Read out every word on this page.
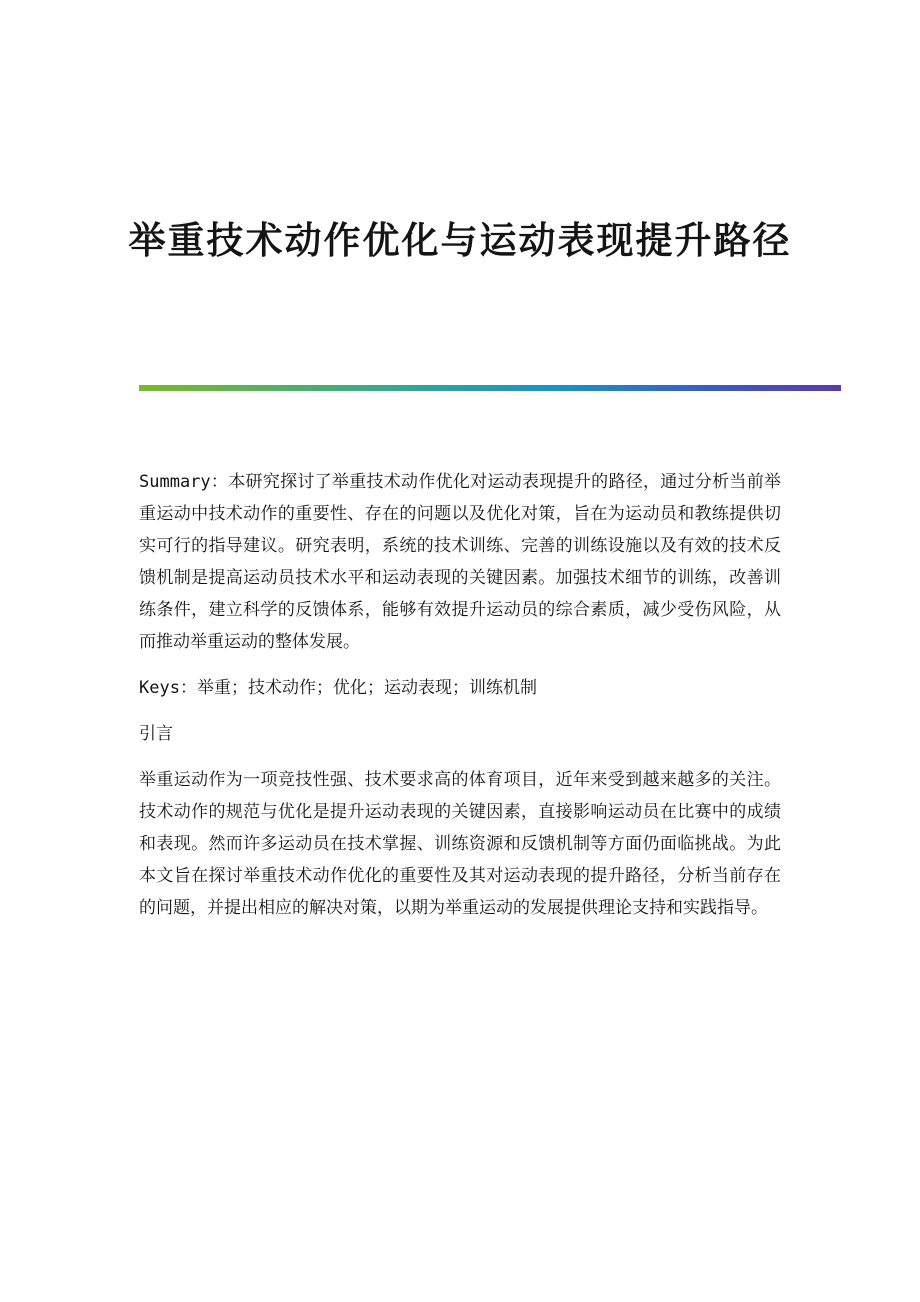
举重技术动作优化与运动表现提升路径

Summary：本研究探讨了举重技术动作优化对运动表现提升的路径，通过分析当前举重运动中技术动作的重要性、存在的问题以及优化对策，旨在为运动员和教练提供切实可行的指导建议。研究表明，系统的技术训练、完善的训练设施以及有效的技术反馈机制是提高运动员技术水平和运动表现的关键因素。加强技术细节的训练，改善训练条件，建立科学的反馈体系，能够有效提升运动员的综合素质，减少受伤风险，从而推动举重运动的整体发展。

Keys：举重；技术动作；优化；运动表现；训练机制

引言

举重运动作为一项竞技性强、技术要求高的体育项目，近年来受到越来越多的关注。技术动作的规范与优化是提升运动表现的关键因素，直接影响运动员在比赛中的成绩和表现。然而许多运动员在技术掌握、训练资源和反馈机制等方面仍面临挑战。为此本文旨在探讨举重技术动作优化的重要性及其对运动表现的提升路径，分析当前存在的问题，并提出相应的解决对策，以期为举重运动的发展提供理论支持和实践指导。
